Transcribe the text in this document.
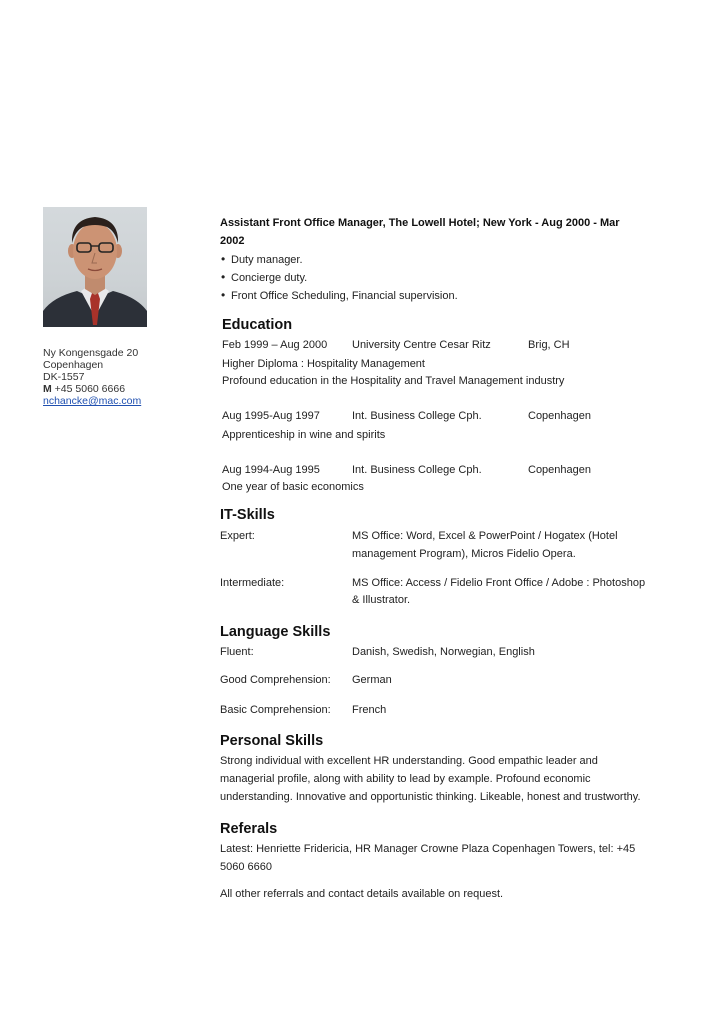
Ny Kongensgade 20
Copenhagen
DK-1557
M +45 5060 6666
nchancke@mac.com
Assistant Front Office Manager, The Lowell Hotel; New York - Aug 2000 - Mar
2002
• Duty manager.
• Concierge duty.
• Front Office Scheduling, Financial supervision.
Education
Feb 1999 – Aug 2000 University Centre Cesar Ritz	Brig, CH
Higher Diploma : Hospitality Management
Profound education in the Hospitality and Travel Management industry
Aug 1995-Aug 1997	Int. Business College Cph.	Copenhagen
Apprenticeship in wine and spirits
Aug 1994-Aug 1995	Int. Business College Cph.	Copenhagen
One year of basic economics
IT-Skills
Expert:	MS Office: Word, Excel & PowerPoint / Hogatex (Hotel
management Program), Micros Fidelio Opera.
Intermediate:	MS Office: Access / Fidelio Front Office / Adobe : Photoshop
& Illustrator.
Language Skills
Fluent:	Danish, Swedish, Norwegian, English
Good Comprehension: German
Basic Comprehension: French
Personal Skills
Strong individual with excellent HR understanding. Good empathic leader and
managerial profile, along with ability to lead by example. Profound economic
understanding. Innovative and opportunistic thinking. Likeable, honest and trustworthy.
Referals
Latest: Henriette Fridericia, HR Manager Crowne Plaza Copenhagen Towers, tel: +45
5060 6660
All other referrals and contact details available on request.
